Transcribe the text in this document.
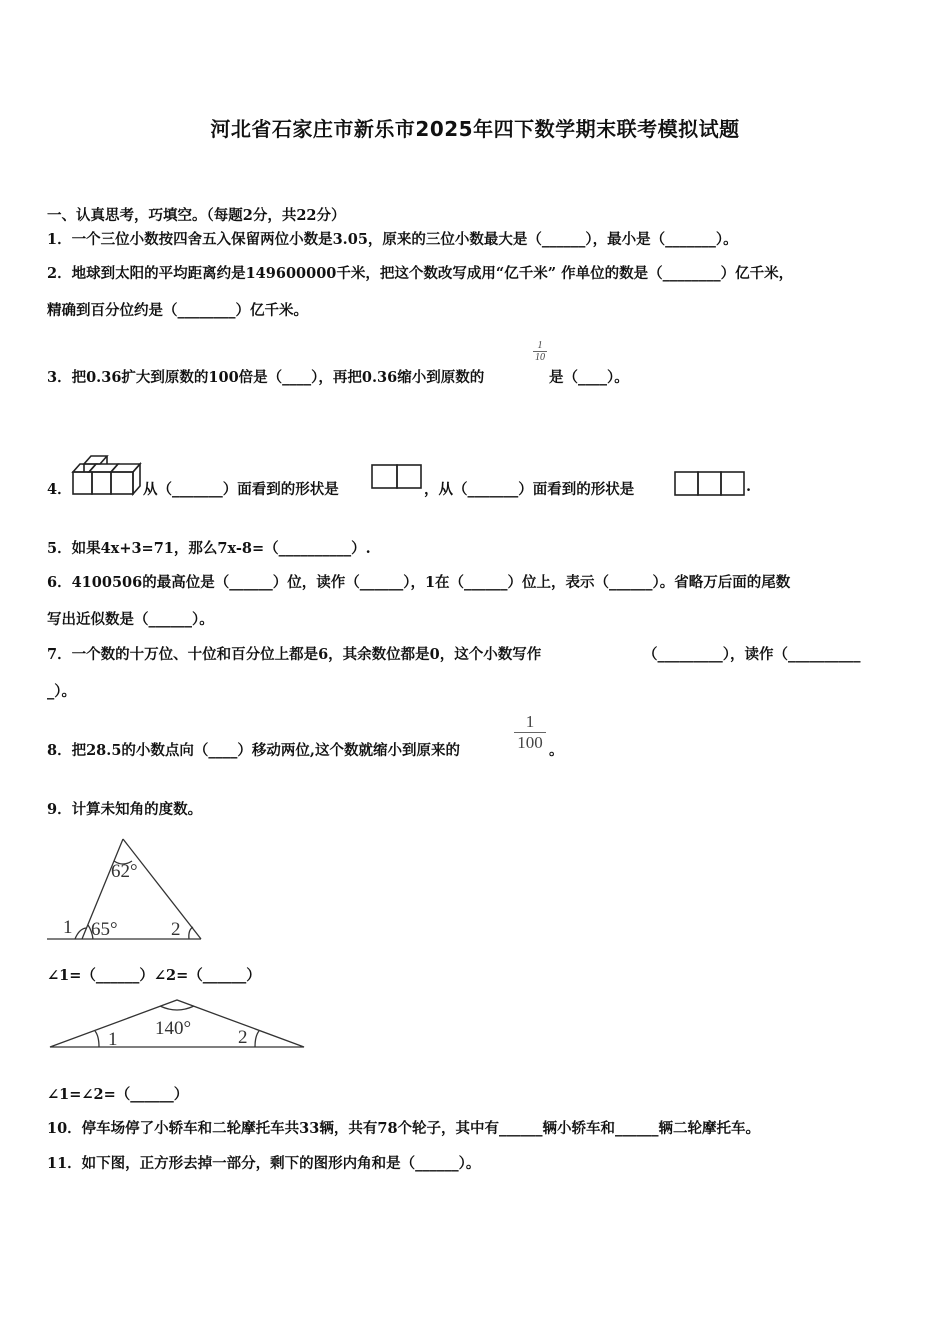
河北省石家庄市新乐市2025年四下数学期末联考模拟试题
一、认真思考，巧填空。（每题2分，共22分）
1．一个三位小数按四舍五入保留两位小数是3.05，原来的三位小数最大是（______），最小是（_______）。
2．地球到太阳的平均距离约是149600000千米，把这个数改写成用“亿千米” 作单位的数是（________）亿千米，
精确到百分位约是（________）亿千米。
3．把0.36扩大到原数的100倍是（____），再把0.36缩小到原数的
$\frac{1}{10}$
是（____）。
4．	从（_______）面看到的形状是	，从（_______）面看到的形状是	.
5．如果4x+3=71，那么7x-8=（__________）.
6．4100506的最高位是（______）位，读作（______），1在（______）位上，表示（______）。省略万后面的尾数
写出近似数是（______）。
7．一个数的十万位、十位和百分位上都是6，其余数位都是0，这个小数写作	（_________），读作（__________
_）。
8．把28.5的小数点向（____）移动两位,这个数就缩小到原来的	$\frac{1}{100}$ 。
9．计算未知角的度数。
62°
65°
1	2
∠1=（______）∠2=（______）
140°
1	2
∠1=∠2=（______）
10．停车场停了小轿车和二轮摩托车共33辆，共有78个轮子，其中有______辆小轿车和______辆二轮摩托车。
11．如下图，正方形去掉一部分，剩下的图形内角和是（______）。
